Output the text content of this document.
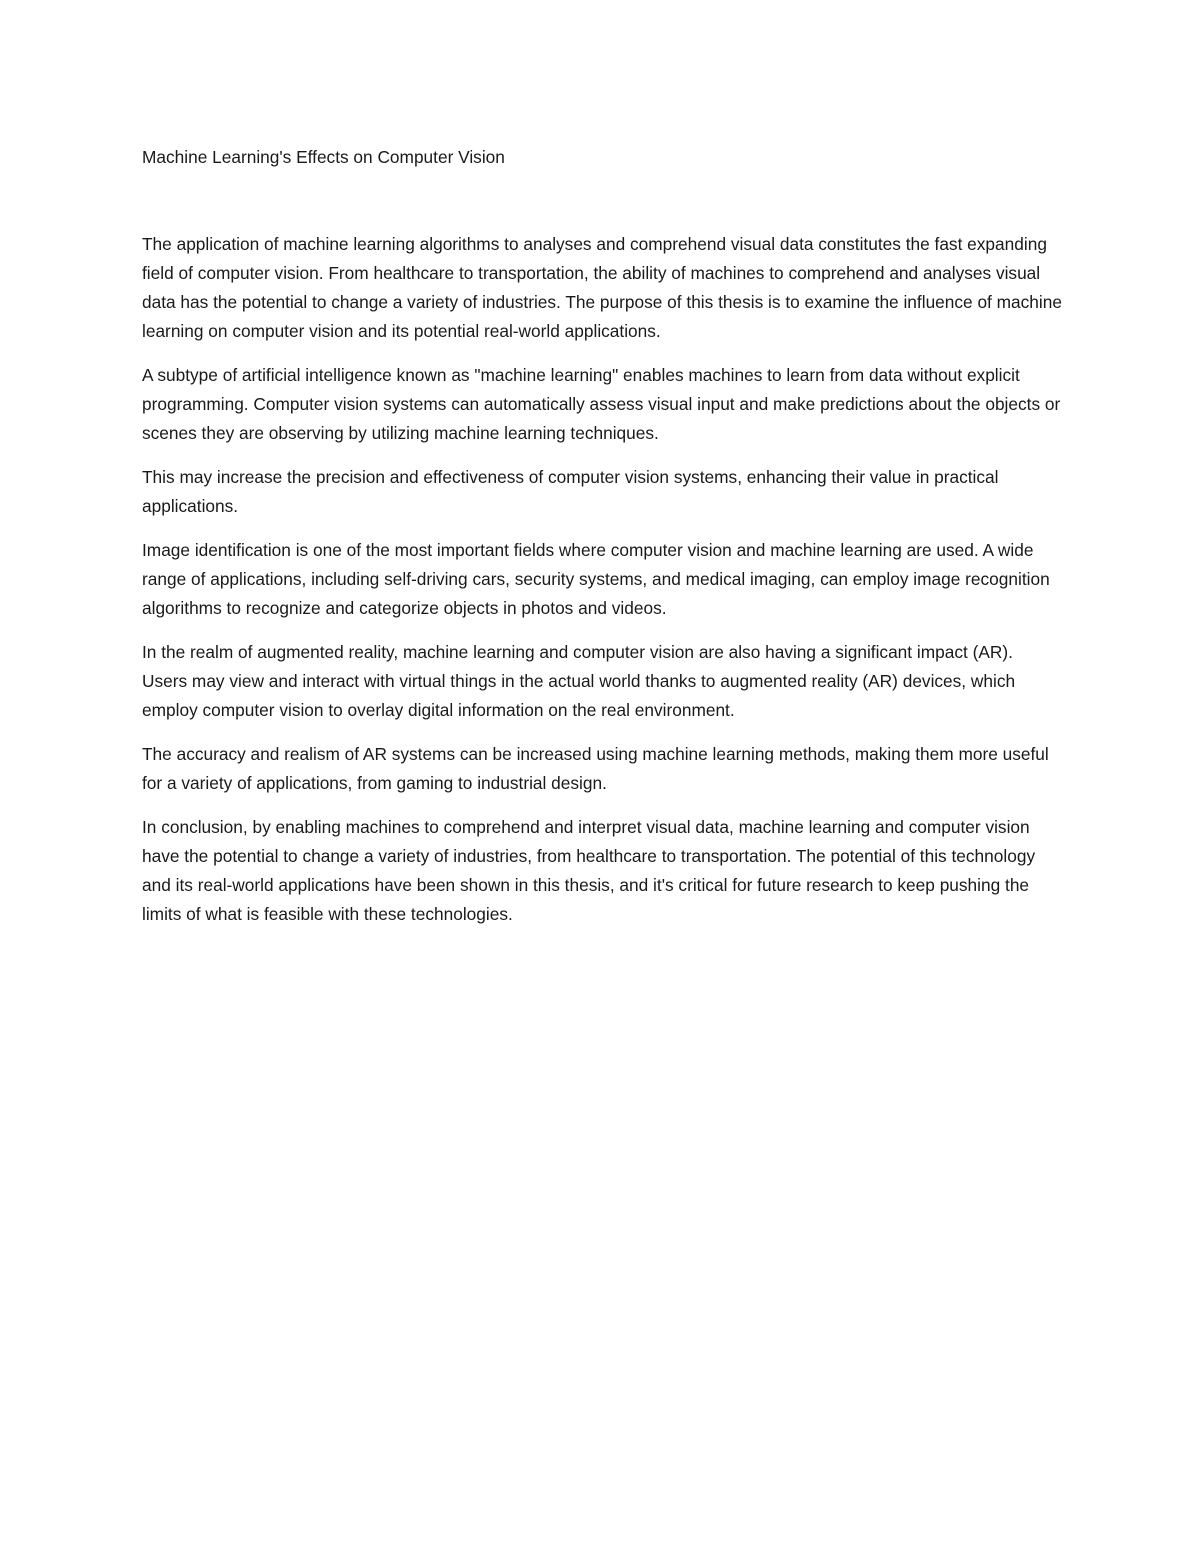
Machine Learning's Effects on Computer Vision

The application of machine learning algorithms to analyses and comprehend visual data constitutes the fast expanding field of computer vision. From healthcare to transportation, the ability of machines to comprehend and analyses visual data has the potential to change a variety of industries. The purpose of this thesis is to examine the influence of machine learning on computer vision and its potential real-world applications.

A subtype of artificial intelligence known as "machine learning" enables machines to learn from data without explicit programming. Computer vision systems can automatically assess visual input and make predictions about the objects or scenes they are observing by utilizing machine learning techniques.

This may increase the precision and effectiveness of computer vision systems, enhancing their value in practical applications.

Image identification is one of the most important fields where computer vision and machine learning are used. A wide range of applications, including self-driving cars, security systems, and medical imaging, can employ image recognition algorithms to recognize and categorize objects in photos and videos.

In the realm of augmented reality, machine learning and computer vision are also having a significant impact (AR). Users may view and interact with virtual things in the actual world thanks to augmented reality (AR) devices, which employ computer vision to overlay digital information on the real environment.

The accuracy and realism of AR systems can be increased using machine learning methods, making them more useful for a variety of applications, from gaming to industrial design.

In conclusion, by enabling machines to comprehend and interpret visual data, machine learning and computer vision have the potential to change a variety of industries, from healthcare to transportation. The potential of this technology and its real-world applications have been shown in this thesis, and it's critical for future research to keep pushing the limits of what is feasible with these technologies.
